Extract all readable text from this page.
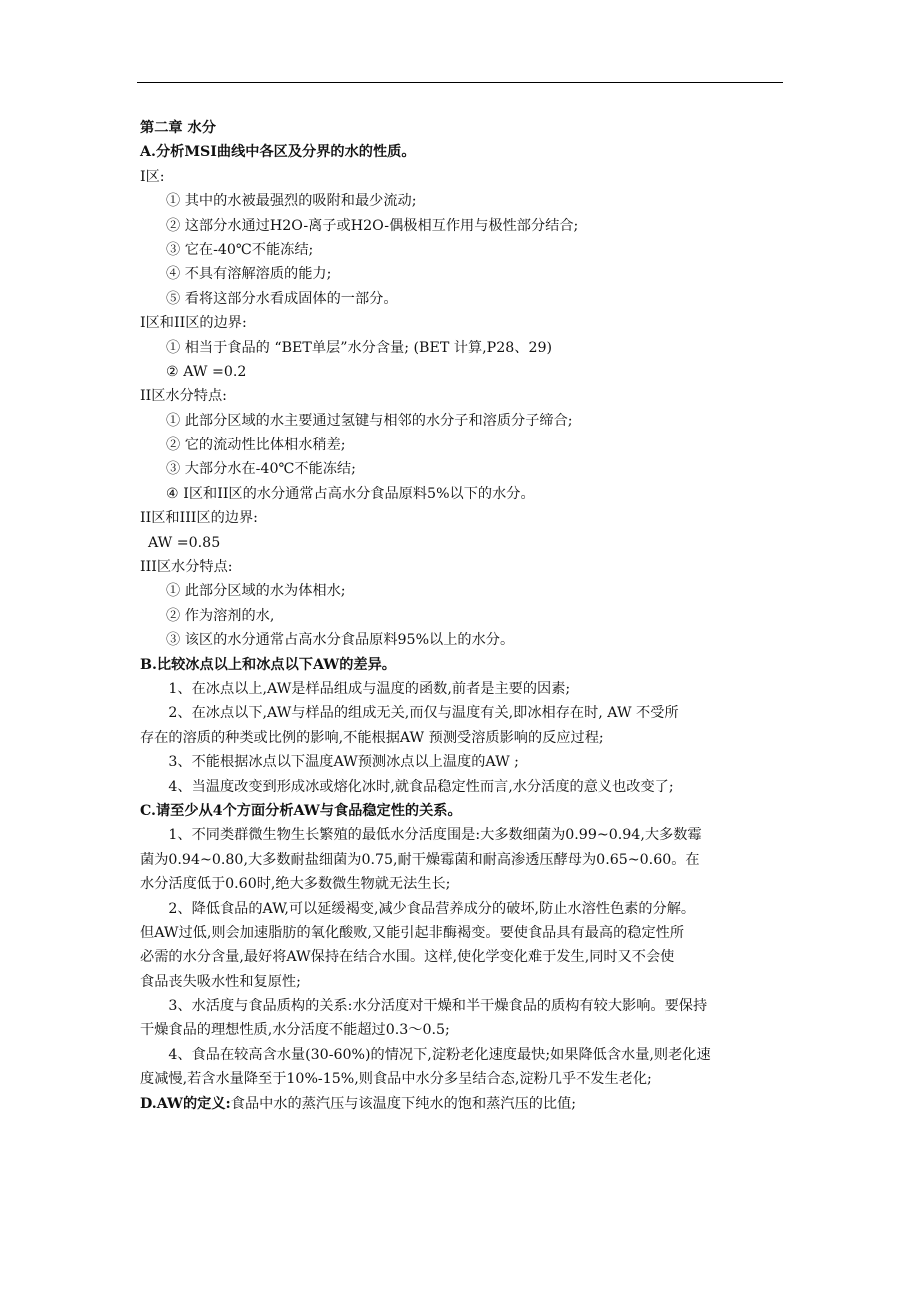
第二章 水分
A.分析MSI曲线中各区及分界的水的性质。
I区:
① 其中的水被最强烈的吸附和最少流动;
② 这部分水通过H2O-离子或H2O-偶极相互作用与极性部分结合;
③ 它在-40℃不能冻结;
④ 不具有溶解溶质的能力;
⑤ 看将这部分水看成固体的一部分。
I区和II区的边界:
① 相当于食品的 “BET单层”水分含量; (BET 计算,P28、29)
② AW =0.2
II区水分特点:
① 此部分区域的水主要通过氢键与相邻的水分子和溶质分子缔合;
② 它的流动性比体相水稍差;
③ 大部分水在-40℃不能冻结;
④ I区和II区的水分通常占高水分食品原料5%以下的水分。
II区和III区的边界:
AW =0.85
III区水分特点:
① 此部分区域的水为体相水;
② 作为溶剂的水,
③ 该区的水分通常占高水分食品原料95%以上的水分。
B.比较冰点以上和冰点以下AW的差异。
1、在冰点以上,AW是样品组成与温度的函数,前者是主要的因素;
2、在冰点以下,AW与样品的组成无关,而仅与温度有关,即冰相存在时, AW 不受所
存在的溶质的种类或比例的影响,不能根据AW 预测受溶质影响的反应过程;
3、不能根据冰点以下温度AW预测冰点以上温度的AW ;
4、当温度改变到形成冰或熔化冰时,就食品稳定性而言,水分活度的意义也改变了;
C.请至少从4个方面分析AW与食品稳定性的关系。
1、不同类群微生物生长繁殖的最低水分活度围是:大多数细菌为0.99~0.94,大多数霉
菌为0.94~0.80,大多数耐盐细菌为0.75,耐干燥霉菌和耐高渗透压酵母为0.65~0.60。在
水分活度低于0.60时,绝大多数微生物就无法生长;
2、降低食品的AW,可以延缓褐变,减少食品营养成分的破坏,防止水溶性色素的分解。
但AW过低,则会加速脂肪的氧化酸败,又能引起非酶褐变。要使食品具有最高的稳定性所
必需的水分含量,最好将AW保持在结合水围。这样,使化学变化难于发生,同时又不会使
食品丧失吸水性和复原性;
3、水活度与食品质构的关系:水分活度对干燥和半干燥食品的质构有较大影响。要保持
干燥食品的理想性质,水分活度不能超过0.3～0.5;
4、食品在较高含水量(30-60%)的情况下,淀粉老化速度最快;如果降低含水量,则老化速
度减慢,若含水量降至于10%-15%,则食品中水分多呈结合态,淀粉几乎不发生老化;
D.AW的定义:食品中水的蒸汽压与该温度下纯水的饱和蒸汽压的比值;
